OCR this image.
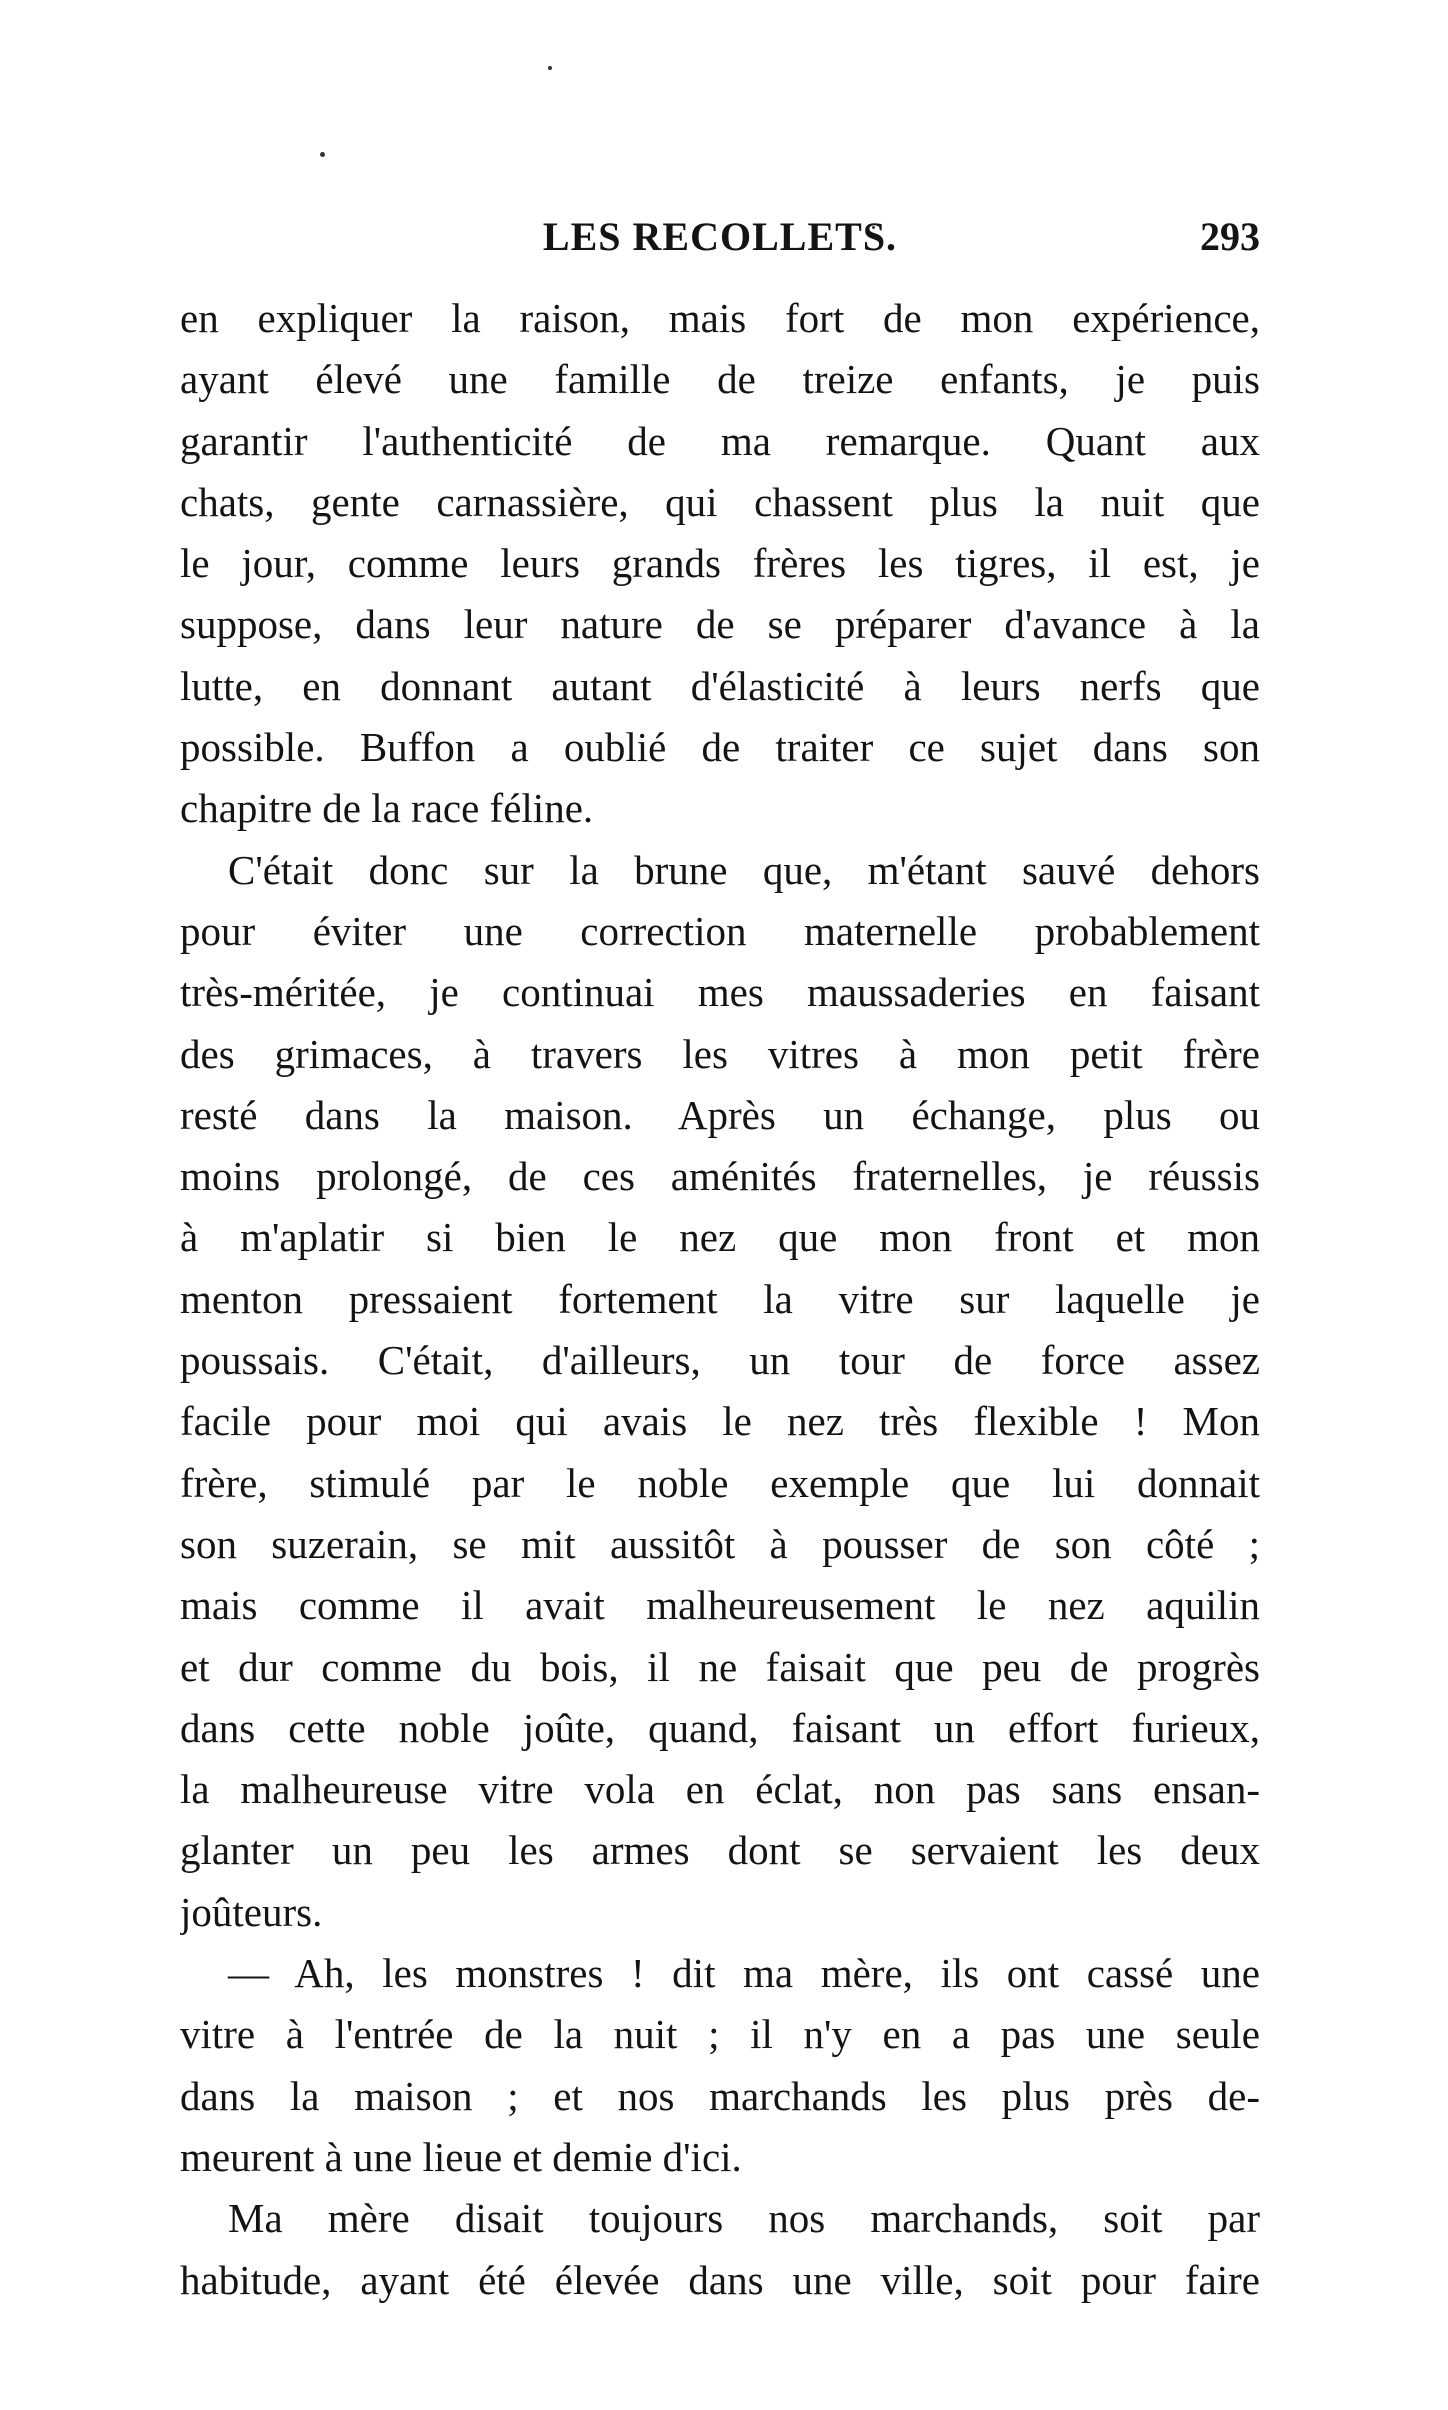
LES RECOLLETS.	293
en expliquer la raison, mais fort de mon expérience,
ayant élevé une famille de treize enfants, je puis
garantir l'authenticité de ma remarque. Quant aux
chats, gente carnassière, qui chassent plus la nuit que
le jour, comme leurs grands frères les tigres, il est, je
suppose, dans leur nature de se préparer d'avance à la
lutte, en donnant autant d'élasticité à leurs nerfs que
possible. Buffon a oublié de traiter ce sujet dans son
chapitre de la race féline.
C'était donc sur la brune que, m'étant sauvé dehors
pour éviter une correction maternelle probablement
très-méritée, je continuai mes maussaderies en faisant
des grimaces, à travers les vitres à mon petit frère
resté dans la maison. Après un échange, plus ou
moins prolongé, de ces aménités fraternelles, je réussis
à m'aplatir si bien le nez que mon front et mon
menton pressaient fortement la vitre sur laquelle je
poussais. C'était, d'ailleurs, un tour de force assez
facile pour moi qui avais le nez très flexible ! Mon
frère, stimulé par le noble exemple que lui donnait
son suzerain, se mit aussitôt à pousser de son côté ;
mais comme il avait malheureusement le nez aquilin
et dur comme du bois, il ne faisait que peu de progrès
dans cette noble joûte, quand, faisant un effort furieux,
la malheureuse vitre vola en éclat, non pas sans ensan-
glanter un peu les armes dont se servaient les deux
joûteurs.
— Ah, les monstres ! dit ma mère, ils ont cassé une
vitre à l'entrée de la nuit ; il n'y en a pas une seule
dans la maison ; et nos marchands les plus près de-
meurent à une lieue et demie d'ici.
Ma mère disait toujours nos marchands, soit par
habitude, ayant été élevée dans une ville, soit pour faire
